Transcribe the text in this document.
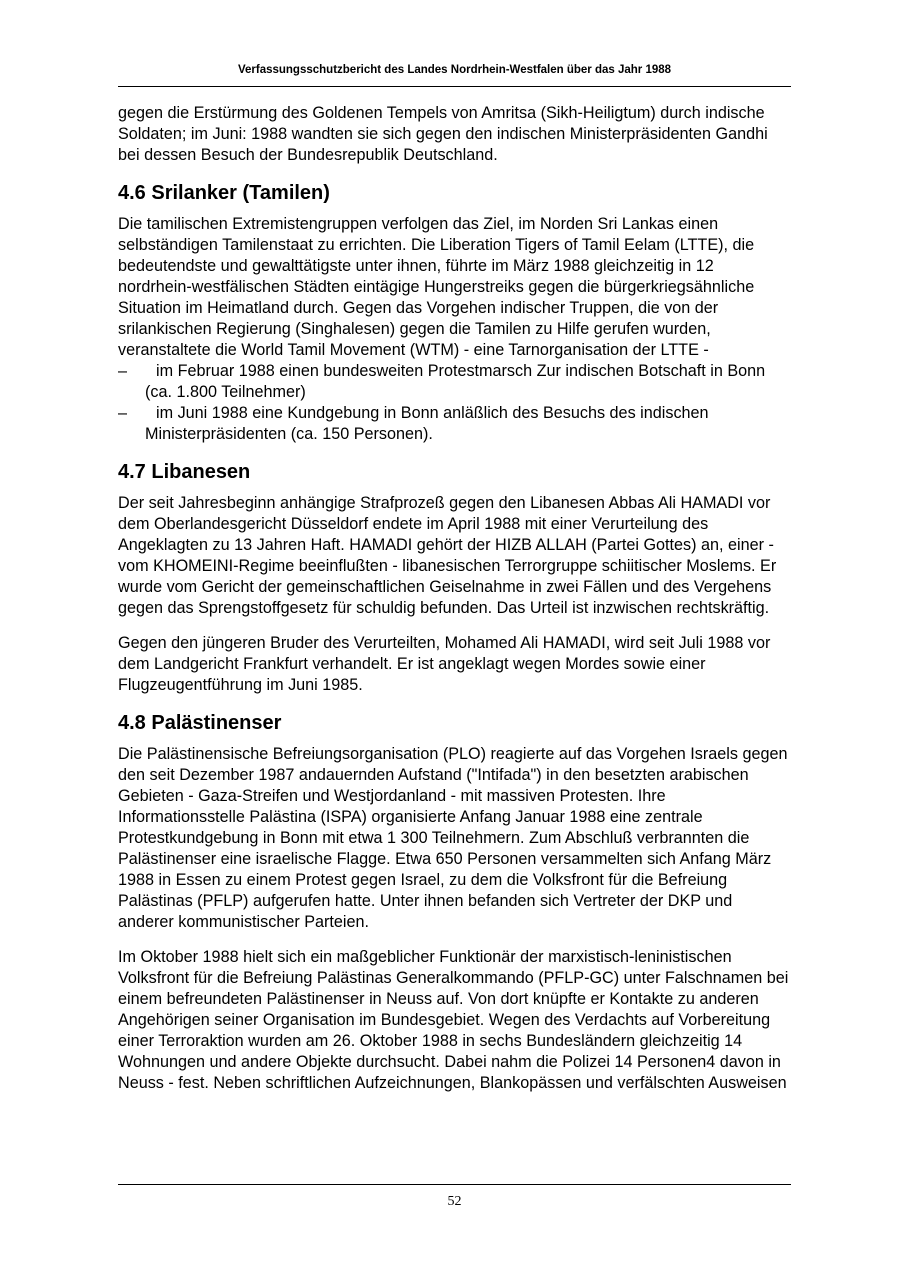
Verfassungsschutzbericht des Landes Nordrhein-Westfalen über das Jahr 1988

gegen die Erstürmung des Goldenen Tempels von Amritsa (Sikh-Heiligtum) durch indische Soldaten; im Juni: 1988 wandten sie sich gegen den indischen Ministerpräsidenten Gandhi bei dessen Besuch der Bundesrepublik Deutschland.

4.6 Srilanker (Tamilen)

Die tamilischen Extremistengruppen verfolgen das Ziel, im Norden Sri Lankas einen selbständigen Tamilenstaat zu errichten. Die Liberation Tigers of Tamil Eelam (LTTE), die bedeutendste und gewalttätigste unter ihnen, führte im März 1988 gleichzeitig in 12 nordrhein-westfälischen Städten eintägige Hungerstreiks gegen die bürgerkriegsähnliche Situation im Heimatland durch. Gegen das Vorgehen indischer Truppen, die von der srilankischen Regierung (Singhalesen) gegen die Tamilen zu Hilfe gerufen wurden, veranstaltete die World Tamil Movement (WTM) - eine Tarnorganisation der LTTE -

–	im Februar 1988 einen bundesweiten Protestmarsch Zur indischen Botschaft in Bonn (ca. 1.800 Teilnehmer)
–	im Juni 1988 eine Kundgebung in Bonn anläßlich des Besuchs des indischen Ministerpräsidenten (ca. 150 Personen).
4.7 Libanesen

Der seit Jahresbeginn anhängige Strafprozeß gegen den Libanesen Abbas Ali HAMADI vor dem Oberlandesgericht Düsseldorf endete im April 1988 mit einer Verurteilung des Angeklagten zu 13 Jahren Haft. HAMADI gehört der HIZB ALLAH (Partei Gottes) an, einer - vom KHOMEINI-Regime beeinflußten - libanesischen Terrorgruppe schiitischer Moslems. Er wurde vom Gericht der gemeinschaftlichen Geiselnahme in zwei Fällen und des Vergehens gegen das Sprengstoffgesetz für schuldig befunden. Das Urteil ist inzwischen rechtskräftig.

Gegen den jüngeren Bruder des Verurteilten, Mohamed Ali HAMADI, wird seit Juli 1988 vor dem Landgericht Frankfurt verhandelt. Er ist angeklagt wegen Mordes sowie einer Flugzeugentführung im Juni 1985.

4.8 Palästinenser

Die Palästinensische Befreiungsorganisation (PLO) reagierte auf das Vorgehen Israels gegen den seit Dezember 1987 andauernden Aufstand ("Intifada") in den besetzten arabischen Gebieten - Gaza-Streifen und Westjordanland - mit massiven Protesten. Ihre Informationsstelle Palästina (ISPA) organisierte Anfang Januar 1988 eine zentrale Protestkundgebung in Bonn mit etwa 1 300 Teilnehmern. Zum Abschluß verbrannten die Palästinenser eine israelische Flagge. Etwa 650 Personen versammelten sich Anfang März 1988 in Essen zu einem Protest gegen Israel, zu dem die Volksfront für die Befreiung Palästinas (PFLP) aufgerufen hatte. Unter ihnen befanden sich Vertreter der DKP und anderer kommunistischer Parteien.

Im Oktober 1988 hielt sich ein maßgeblicher Funktionär der marxistisch-leninistischen Volksfront für die Befreiung Palästinas Generalkommando (PFLP-GC) unter Falschnamen bei einem befreundeten Palästinenser in Neuss auf. Von dort knüpfte er Kontakte zu anderen Angehörigen seiner Organisation im Bundesgebiet. Wegen des Verdachts auf Vorbereitung einer Terroraktion wurden am 26. Oktober 1988 in sechs Bundesländern gleichzeitig 14 Wohnungen und andere Objekte durchsucht. Dabei nahm die Polizei 14 Personen4 davon in Neuss - fest. Neben schriftlichen Aufzeichnungen, Blankopässen und verfälschten Ausweisen

52
